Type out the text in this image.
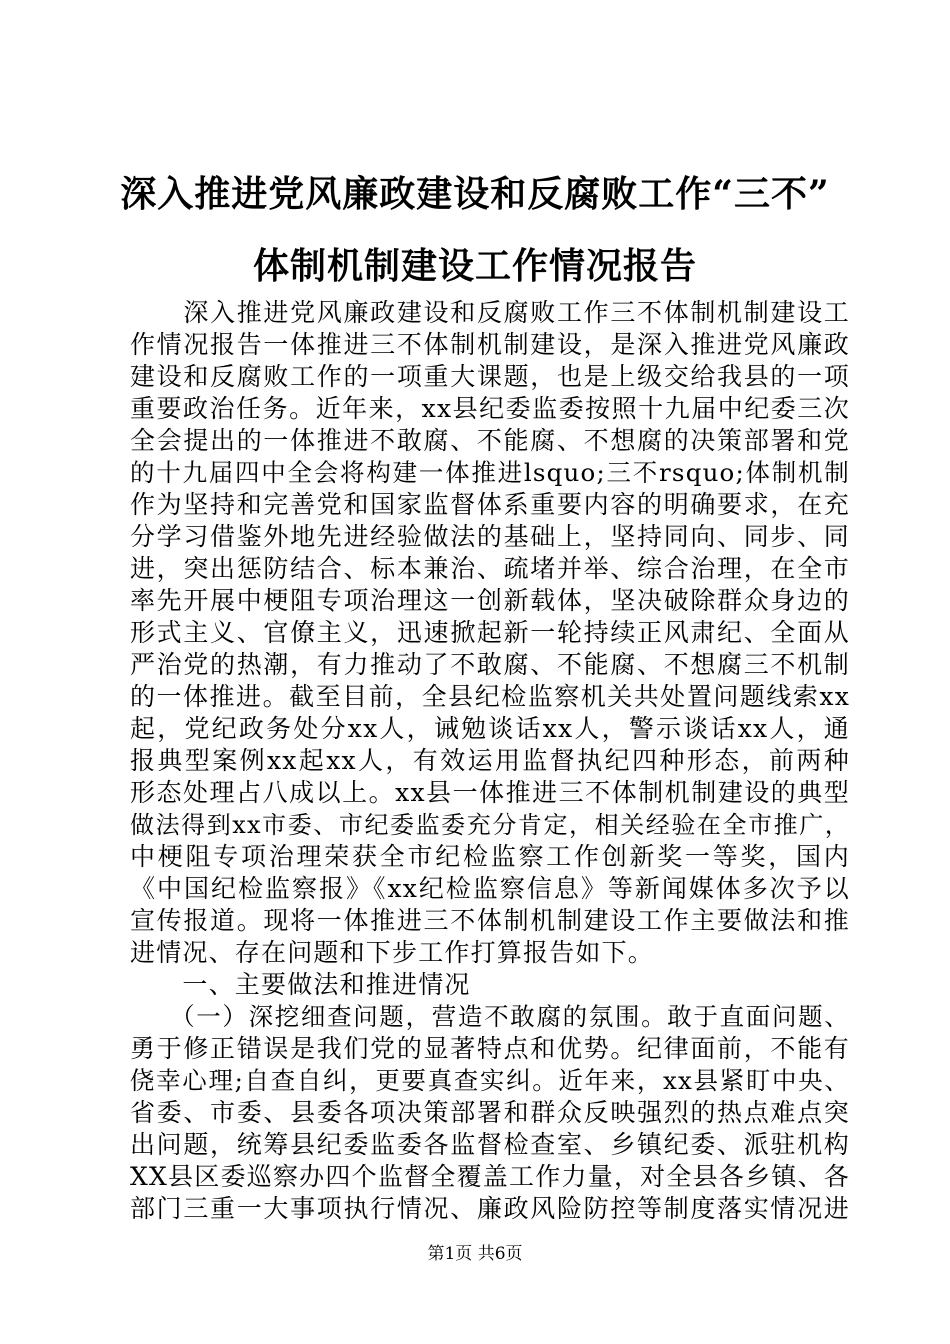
深入推进党风廉政建设和反腐败工作“三不”
体制机制建设工作情况报告
　　深入推进党风廉政建设和反腐败工作三不体制机制建设工
作情况报告一体推进三不体制机制建设，是深入推进党风廉政
建设和反腐败工作的一项重大课题，也是上级交给我县的一项
重要政治任务。近年来，xx县纪委监委按照十九届中纪委三次
全会提出的一体推进不敢腐、不能腐、不想腐的决策部署和党
的十九届四中全会将构建一体推进lsquo;三不rsquo;体制机制
作为坚持和完善党和国家监督体系重要内容的明确要求，在充
分学习借鉴外地先进经验做法的基础上，坚持同向、同步、同
进，突出惩防结合、标本兼治、疏堵并举、综合治理，在全市
率先开展中梗阻专项治理这一创新载体，坚决破除群众身边的
形式主义、官僚主义，迅速掀起新一轮持续正风肃纪、全面从
严治党的热潮，有力推动了不敢腐、不能腐、不想腐三不机制
的一体推进。截至目前，全县纪检监察机关共处置问题线索xx
起，党纪政务处分xx人，诫勉谈话xx人，警示谈话xx人，通
报典型案例xx起xx人，有效运用监督执纪四种形态，前两种
形态处理占八成以上。xx县一体推进三不体制机制建设的典型
做法得到xx市委、市纪委监委充分肯定，相关经验在全市推广，
中梗阻专项治理荣获全市纪检监察工作创新奖一等奖，国内
《中国纪检监察报》《xx纪检监察信息》等新闻媒体多次予以
宣传报道。现将一体推进三不体制机制建设工作主要做法和推
进情况、存在问题和下步工作打算报告如下。
　　一、主要做法和推进情况
　　（一）深挖细查问题，营造不敢腐的氛围。敢于直面问题、
勇于修正错误是我们党的显著特点和优势。纪律面前，不能有
侥幸心理;自查自纠，更要真查实纠。近年来，xx县紧盯中央、
省委、市委、县委各项决策部署和群众反映强烈的热点难点突
出问题，统筹县纪委监委各监督检查室、乡镇纪委、派驻机构
XX县区委巡察办四个监督全覆盖工作力量，对全县各乡镇、各
部门三重一大事项执行情况、廉政风险防控等制度落实情况进
第1页 共6页
